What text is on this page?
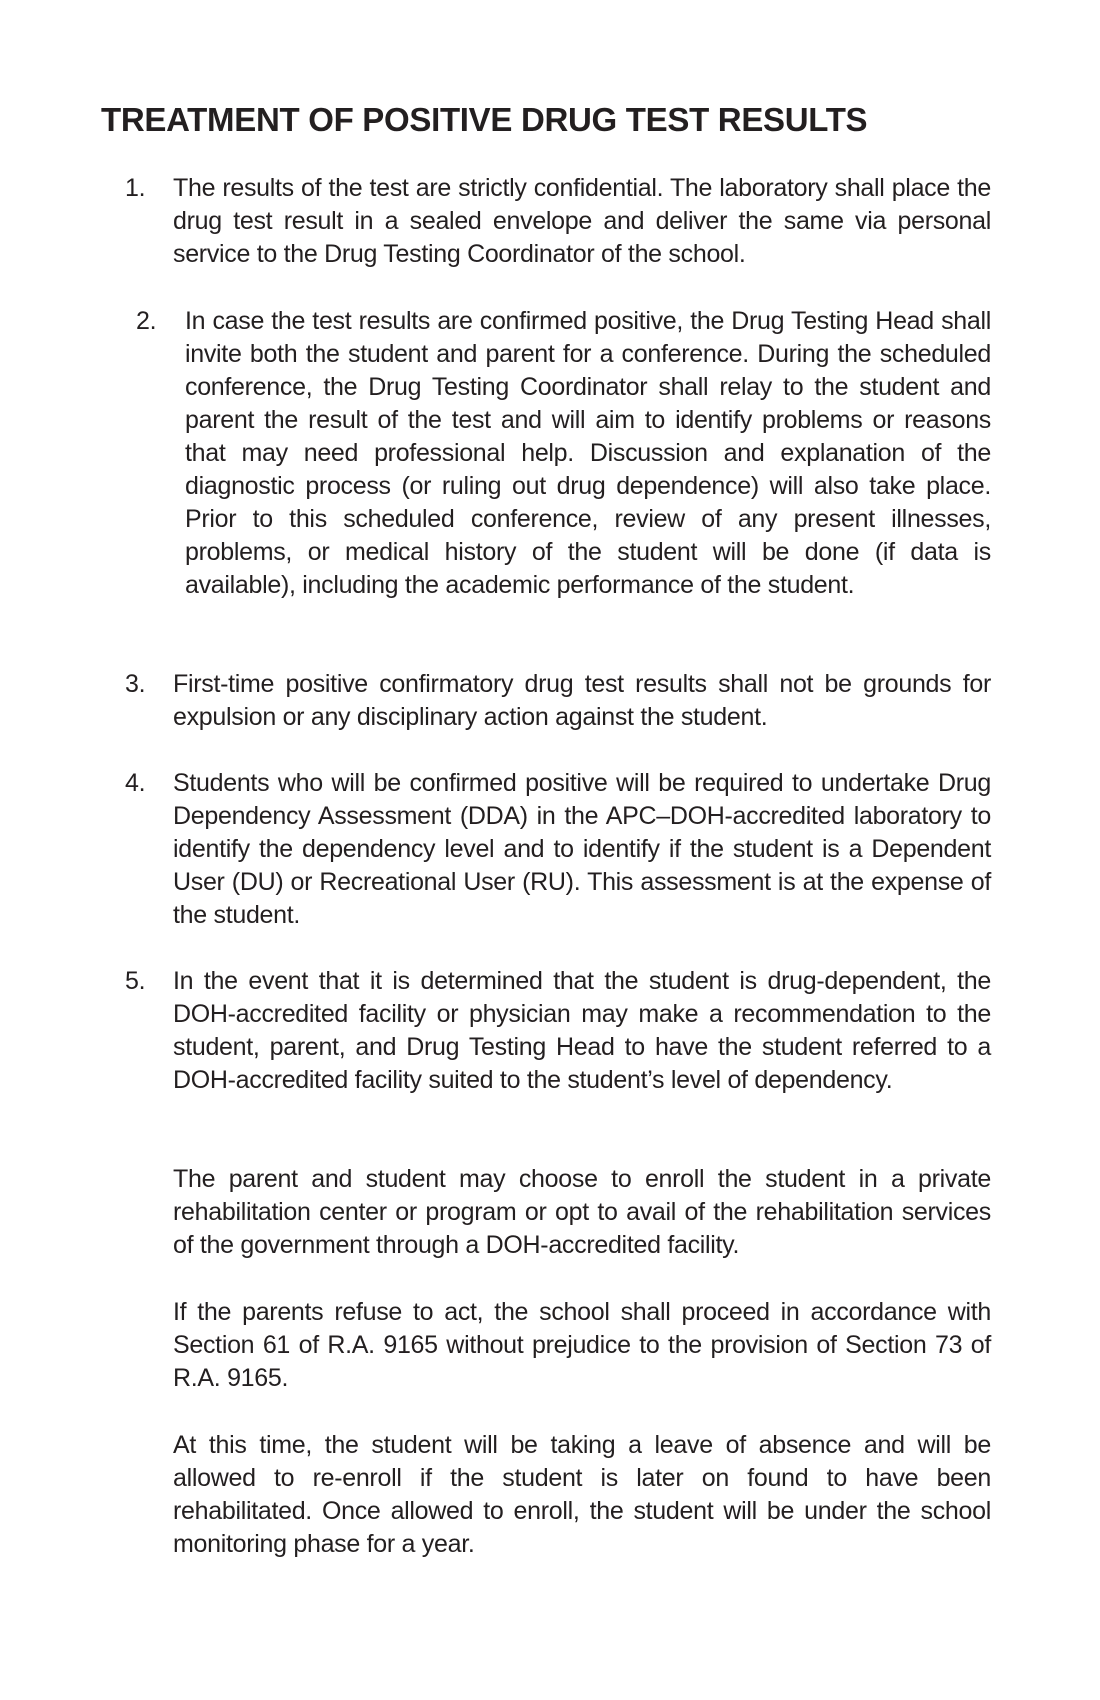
TREATMENT OF POSITIVE DRUG TEST RESULTS
1. The results of the test are strictly confidential. The laboratory shall place the drug test result in a sealed envelope and deliver the same via personal service to the Drug Testing Coordinator of the school.
2. In case the test results are confirmed positive, the Drug Testing Head shall invite both the student and parent for a conference. During the scheduled conference, the Drug Testing Coordinator shall relay to the student and parent the result of the test and will aim to identify problems or reasons that may need professional help. Discussion and explanation of the diagnostic process (or ruling out drug dependence) will also take place. Prior to this scheduled conference, review of any present illnesses, problems, or medical history of the student will be done (if data is available), including the academic performance of the student.
3. First-time positive confirmatory drug test results shall not be grounds for expulsion or any disciplinary action against the student.
4. Students who will be confirmed positive will be required to undertake Drug Dependency Assessment (DDA) in the APC–DOH-accredited laboratory to identify the dependency level and to identify if the student is a Dependent User (DU) or Recreational User (RU). This assessment is at the expense of the student.
5. In the event that it is determined that the student is drug-dependent, the DOH-accredited facility or physician may make a recommendation to the student, parent, and Drug Testing Head to have the student referred to a DOH-accredited facility suited to the student’s level of dependency.

The parent and student may choose to enroll the student in a private rehabilitation center or program or opt to avail of the rehabilitation services of the government through a DOH-accredited facility.

If the parents refuse to act, the school shall proceed in accordance with Section 61 of R.A. 9165 without prejudice to the provision of Section 73 of R.A. 9165.

At this time, the student will be taking a leave of absence and will be allowed to re-enroll if the student is later on found to have been rehabilitated. Once allowed to enroll, the student will be under the school monitoring phase for a year.
